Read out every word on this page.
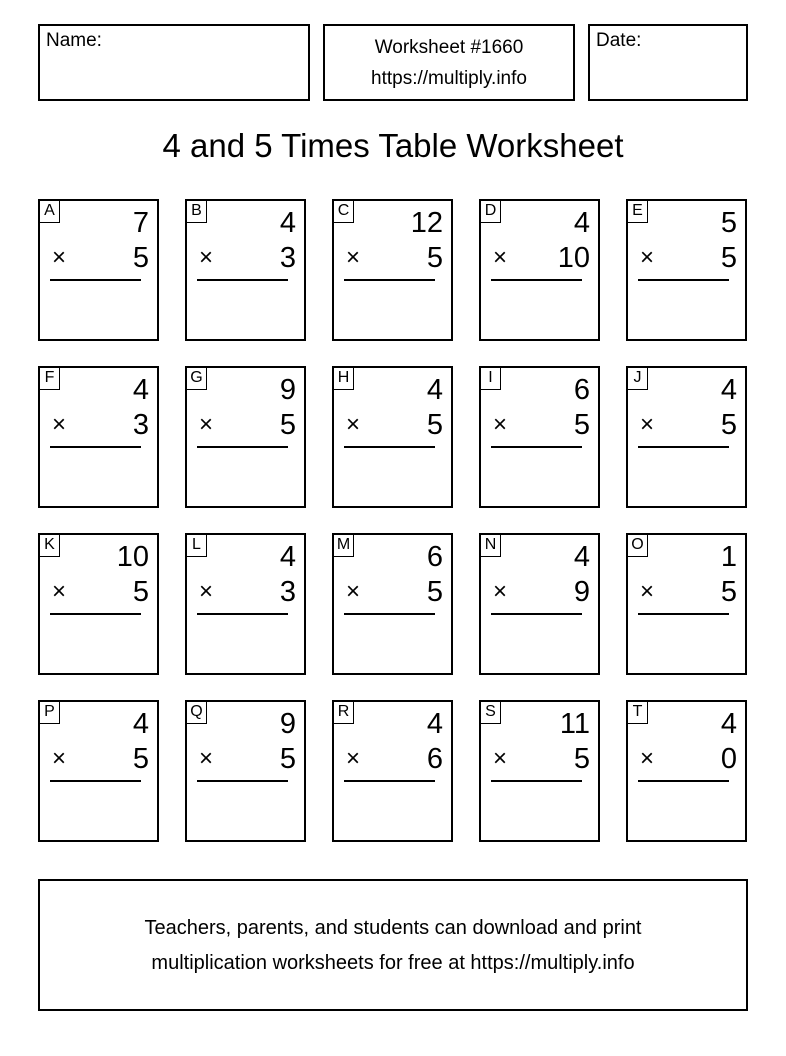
Name:	Worksheet #1660
https://multiply.info
Date:
4 and 5 Times Table Worksheet
A	7
× 5
B	4
× 3
C 12
× 5
D	4
× 10
E	5
× 5
F	4
× 3
G	9
× 5
H	4
× 5
I	6
× 5
J	4
× 5
K 10
× 5
L	4
× 3
M	6
× 5
N	4
× 9
O	1
× 5
P	4
× 5
Q	9
× 5
R	4
× 6
S 11
× 5
T	4
× 0
Teachers, parents, and students can download and print
multiplication worksheets for free at https://multiply.info
